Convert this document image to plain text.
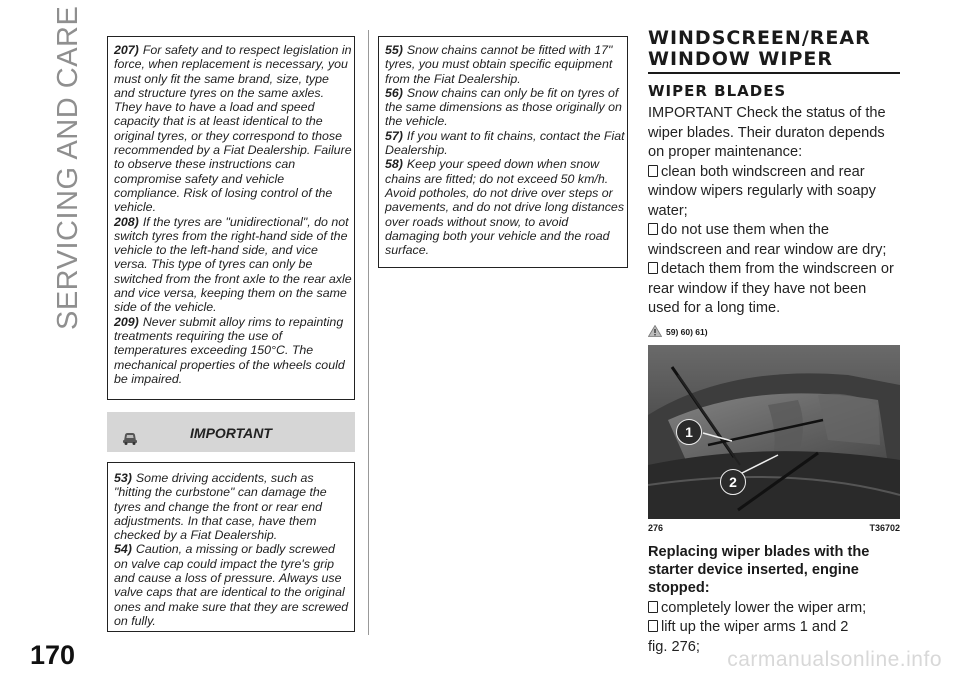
SERVICING AND CARE 207) For safety and to respect legislation in force, when replacement is necessary, you must only fit the same brand, size, type and structure tyres on the same axles. They have to have a load and speed capacity that is at least identical to the original tyres, or they correspond to those recommended by a Fiat Dealership. Failure to observe these instructions can compromise safety and vehicle compliance. Risk of losing control of the vehicle.

208) If the tyres are "unidirectional", do not switch tyres from the right-hand side of the vehicle to the left-hand side, and vice versa. This type of tyres can only be switched from the front axle to the rear axle and vice versa, keeping them on the same side of the vehicle.

209) Never submit alloy rims to repainting treatments requiring the use of temperatures exceeding 150°C. The mechanical properties of the wheels could be impaired.

IMPORTANT

53) Some driving accidents, such as "hitting the curbstone" can damage the tyres and change the front or rear end adjustments. In that case, have them checked by a Fiat Dealership.

54) Caution, a missing or badly screwed on valve cap could impact the tyre's grip and cause a loss of pressure. Always use valve caps that are identical to the original ones and make sure that they are screwed on fully.

55) Snow chains cannot be fitted with 17" tyres, you must obtain specific equipment from the Fiat Dealership.

56) Snow chains can only be fit on tyres of the same dimensions as those originally on the vehicle.

57) If you want to fit chains, contact the Fiat Dealership.

58) Keep your speed down when snow chains are fitted; do not exceed 50 km/h. Avoid potholes, do not drive over steps or pavements, and do not drive long distances over roads without snow, to avoid damaging both your vehicle and the road surface.

WINDSCREEN/REAR
WINDOW WIPER
WIPER BLADES

IMPORTANT Check the status of the wiper blades. Their duraton depends on proper maintenance:

clean both windscreen and rear window wipers regularly with soapy water;

do not use them when the windscreen and rear window are dry;

detach them from the windscreen or rear window if they have not been used for a long time.

59) 60) 61)
1
2
276	T36702
Replacing wiper blades with the starter device inserted, engine stopped:

completely lower the wiper arm;

lift up the wiper arms 1 and 2

fig. 276;

170	carmanualsonline.info
